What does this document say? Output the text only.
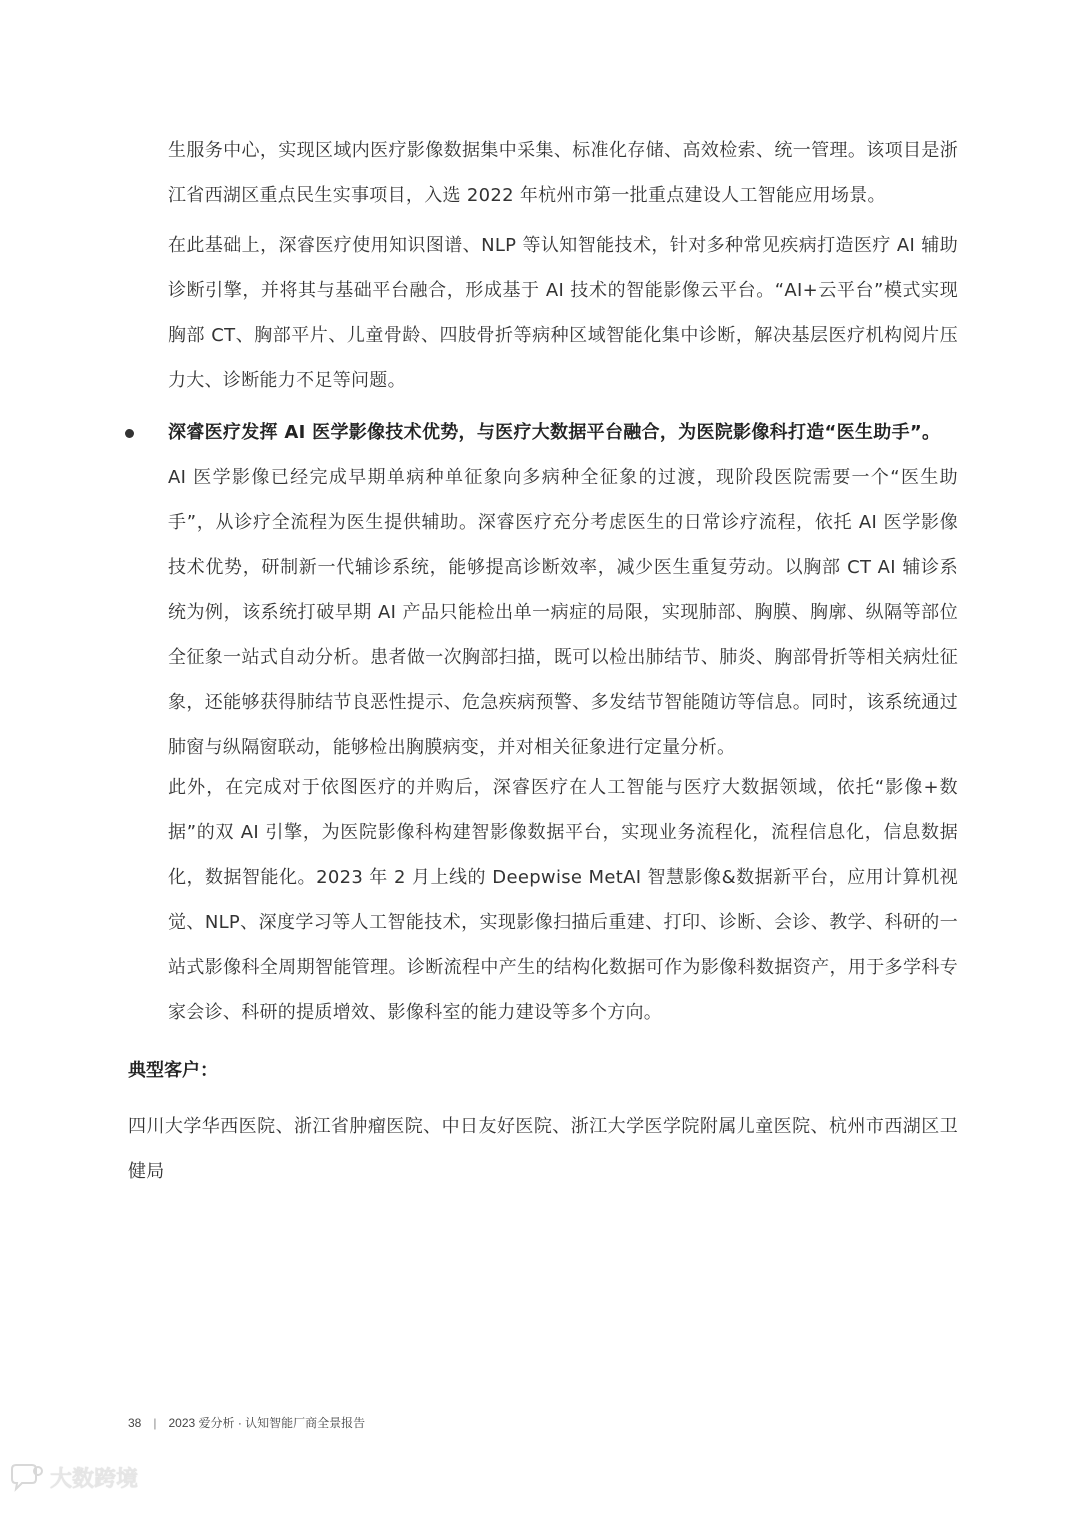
生服务中心，实现区域内医疗影像数据集中采集、标准化存储、高效检索、统一管理。该项目是浙江省西湖区重点民生实事项目，入选 2022 年杭州市第一批重点建设人工智能应用场景。

在此基础上，深睿医疗使用知识图谱、NLP 等认知智能技术，针对多种常见疾病打造医疗 AI 辅助诊断引擎，并将其与基础平台融合，形成基于 AI 技术的智能影像云平台。“AI+云平台”模式实现胸部 CT、胸部平片、儿童骨龄、四肢骨折等病种区域智能化集中诊断，解决基层医疗机构阅片压力大、诊断能力不足等问题。

深睿医疗发挥 AI 医学影像技术优势，与医疗大数据平台融合，为医院影像科打造“医生助手”。
AI 医学影像已经完成早期单病种单征象向多病种全征象的过渡，现阶段医院需要一个“医生助手”，从诊疗全流程为医生提供辅助。深睿医疗充分考虑医生的日常诊疗流程，依托 AI 医学影像技术优势，研制新一代辅诊系统，能够提高诊断效率，减少医生重复劳动。以胸部 CT AI 辅诊系统为例，该系统打破早期 AI 产品只能检出单一病症的局限，实现肺部、胸膜、胸廓、纵隔等部位全征象一站式自动分析。患者做一次胸部扫描，既可以检出肺结节、肺炎、胸部骨折等相关病灶征象，还能够获得肺结节良恶性提示、危急疾病预警、多发结节智能随访等信息。同时，该系统通过肺窗与纵隔窗联动，能够检出胸膜病变，并对相关征象进行定量分析。

此外，在完成对于依图医疗的并购后，深睿医疗在人工智能与医疗大数据领域，依托“影像+数据”的双 AI 引擎，为医院影像科构建智影像数据平台，实现业务流程化，流程信息化，信息数据化，数据智能化。2023 年 2 月上线的 Deepwise MetAI 智慧影像&数据新平台，应用计算机视觉、NLP、深度学习等人工智能技术，实现影像扫描后重建、打印、诊断、会诊、教学、科研的一站式影像科全周期智能管理。诊断流程中产生的结构化数据可作为影像科数据资产，用于多学科专家会诊、科研的提质增效、影像科室的能力建设等多个方向。

典型客户：

四川大学华西医院、浙江省肿瘤医院、中日友好医院、浙江大学医学院附属儿童医院、杭州市西湖区卫健局

38 | 2023 爱分析 · 认知智能厂商全景报告
大数跨境
